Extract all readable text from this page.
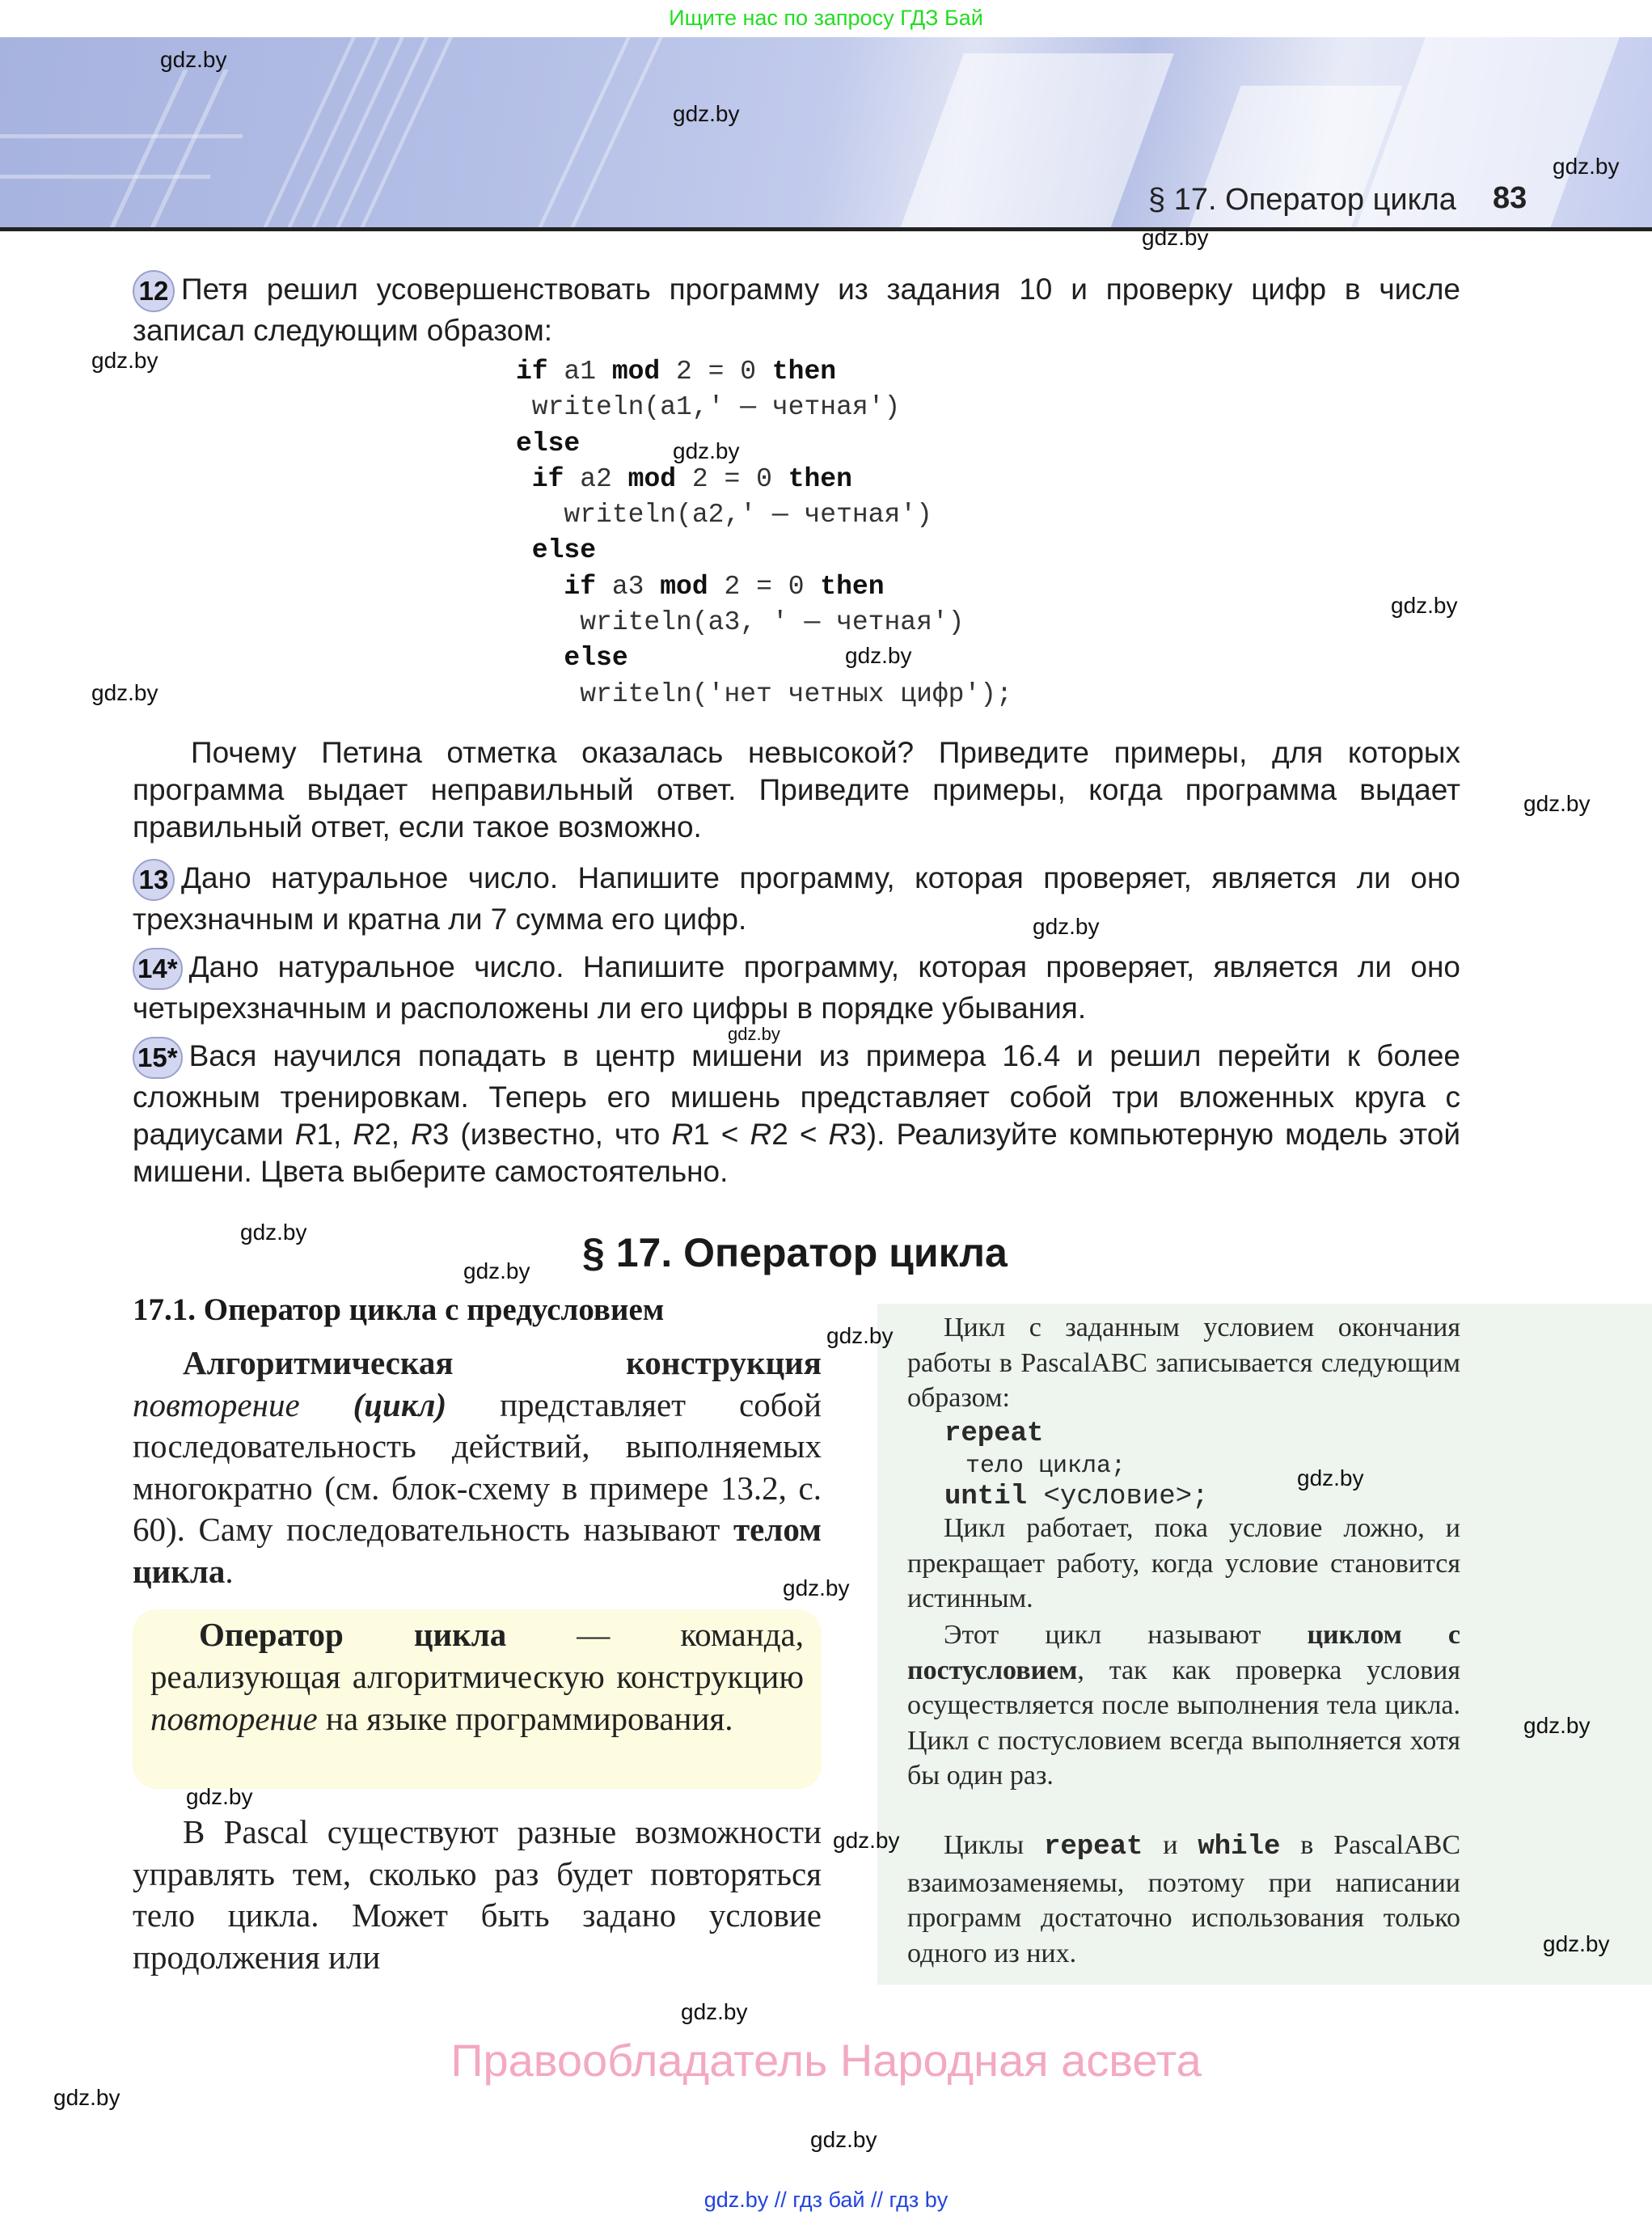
Ищите нас по запросу ГДЗ Бай
§ 17. Оператор цикла 83
12 Петя решил усовершенствовать программу из задания 10 и проверку цифр в числе записал следующим образом:
if a1 mod 2 = 0 then
writeln(a1,' — четная')
else
if a2 mod 2 = 0 then
writeln(a2,' — четная')
else
if a3 mod 2 = 0 then
writeln(a3, ' — четная')
else
writeln('нет четных цифр');
Почему Петина отметка оказалась невысокой? Приведите примеры, для которых программа выдает неправильный ответ. Приведите примеры, когда программа выдает правильный ответ, если такое возможно.
13 Дано натуральное число. Напишите программу, которая проверяет, является ли оно трехзначным и кратна ли 7 сумма его цифр.
14* Дано натуральное число. Напишите программу, которая проверяет, является ли оно четырехзначным и расположены ли его цифры в порядке убывания.
15* Вася научился попадать в центр мишени из примера 16.4 и решил перейти к более сложным тренировкам. Теперь его мишень представляет собой три вложенных круга с радиусами R1, R2, R3 (известно, что R1 < R2 < R3). Реализуйте компьютерную модель этой мишени. Цвета выберите самостоятельно.
§ 17. Оператор цикла
17.1. Оператор цикла с предусловием
Алгоритмическая конструкция повторение (цикл) представляет собой последовательность действий, выполняемых многократно (см. блок-схему в примере 13.2, с. 60). Саму последовательность называют телом цикла.
Оператор цикла — команда, реализующая алгоритмическую конструкцию повторение на языке программирования.
В Pascal существуют разные возможности управлять тем, сколько раз будет повторяться тело цикла. Может быть задано условие продолжения или
Цикл с заданным условием окончания работы в PascalABC записывается следующим образом:
repeat
тело цикла;
until <условие>;
Цикл работает, пока условие ложно, и прекращает работу, когда условие становится истинным.
Этот цикл называют циклом с постусловием, так как проверка условия осуществляется после выполнения тела цикла. Цикл с постусловием всегда выполняется хотя бы один раз.
Циклы repeat и while в PascalABC взаимозаменяемы, поэтому при написании программ достаточно использования только одного из них.
gdz.by
gdz.by
gdz.by
gdz.by
gdz.by
gdz.by
gdz.by
gdz.by
gdz.by
gdz.by
gdz.by
gdz.by
gdz.by
gdz.by
gdz.by
gdz.by
gdz.by
gdz.by
gdz.by
gdz.by
gdz.by
gdz.by
gdz.by
gdz.by
Правообладатель Народная асвета
gdz.by // гдз бай // гдз by
